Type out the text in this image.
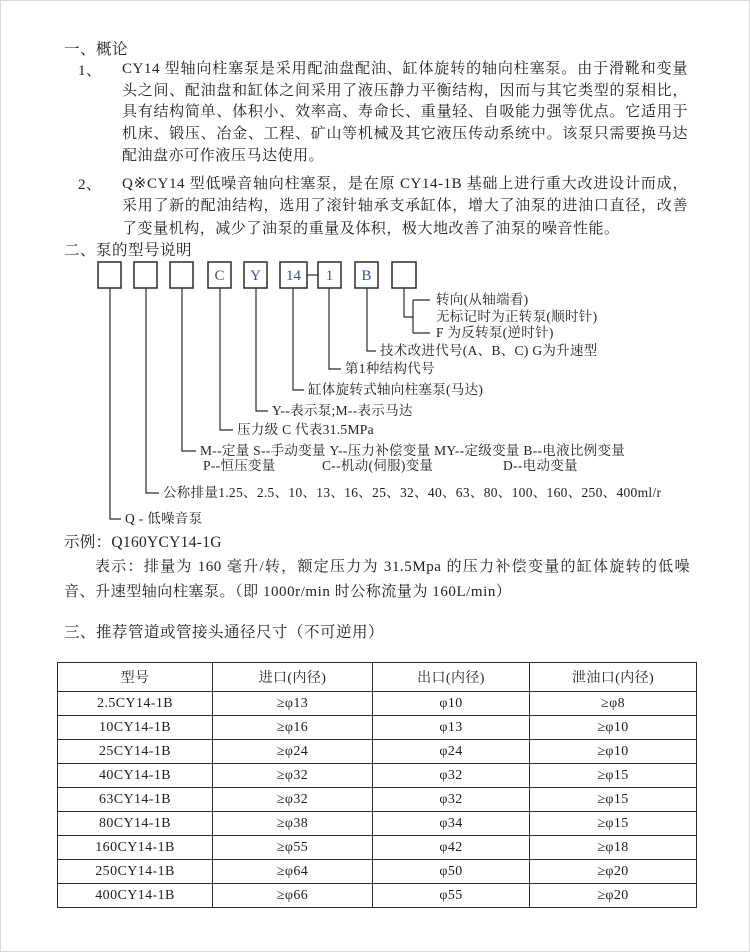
一、概论
1、	CY14 型轴向柱塞泵是采用配油盘配油、缸体旋转的轴向柱塞泵。由于滑靴和变量头之间、配油盘和缸体之间采用了液压静力平衡结构，因而与其它类型的泵相比，具有结构简单、体积小、效率高、寿命长、重量轻、自吸能力强等优点。它适用于机床、锻压、冶金、工程、矿山等机械及其它液压传动系统中。该泵只需要换马达配油盘亦可作液压马达使用。
2、	Q※CY14 型低噪音轴向柱塞泵，是在原 CY14-1B 基础上进行重大改进设计而成，采用了新的配油结构，选用了滚针轴承支承缸体，增大了油泵的进油口直径，改善了变量机构，减少了油泵的重量及体积，极大地改善了油泵的噪音性能。
二、泵的型号说明
C Y 14 1 B
转向(从轴端看)
无标记时为正转泵(顺时针)
F 为反转泵(逆时针)
技术改进代号(A、B、C) G为升速型
第1种结构代号
缸体旋转式轴向柱塞泵(马达)
Y--表示泵;M--表示马达
压力级 C 代表31.5MPa
M--定量 S--手动变量 Y--压力补偿变量 MY--定级变量 B--电液比例变量
P--恒压变量	C--机动(伺服)变量	D--电动变量
公称排量1.25、2.5、10、13、16、25、32、40、63、80、100、160、250、400ml/r
Q - 低噪音泵
示例：Q160YCY14-1G
表示：排量为 160 毫升/转，额定压力为 31.5Mpa 的压力补偿变量的缸体旋转的低噪音、升速型轴向柱塞泵。（即 1000r/min 时公称流量为 160L/min）
三、推荐管道或管接头通径尺寸（不可逆用）
型号	进口(内径)	出口(内径)	泄油口(内径)
2.5CY14-1B	≥φ13	φ10	≥φ8
10CY14-1B	≥φ16	φ13	≥φ10
25CY14-1B	≥φ24	φ24	≥φ10
40CY14-1B	≥φ32	φ32	≥φ15
63CY14-1B	≥φ32	φ32	≥φ15
80CY14-1B	≥φ38	φ34	≥φ15
160CY14-1B	≥φ55	φ42	≥φ18
250CY14-1B	≥φ64	φ50	≥φ20
400CY14-1B	≥φ66	φ55	≥φ20
